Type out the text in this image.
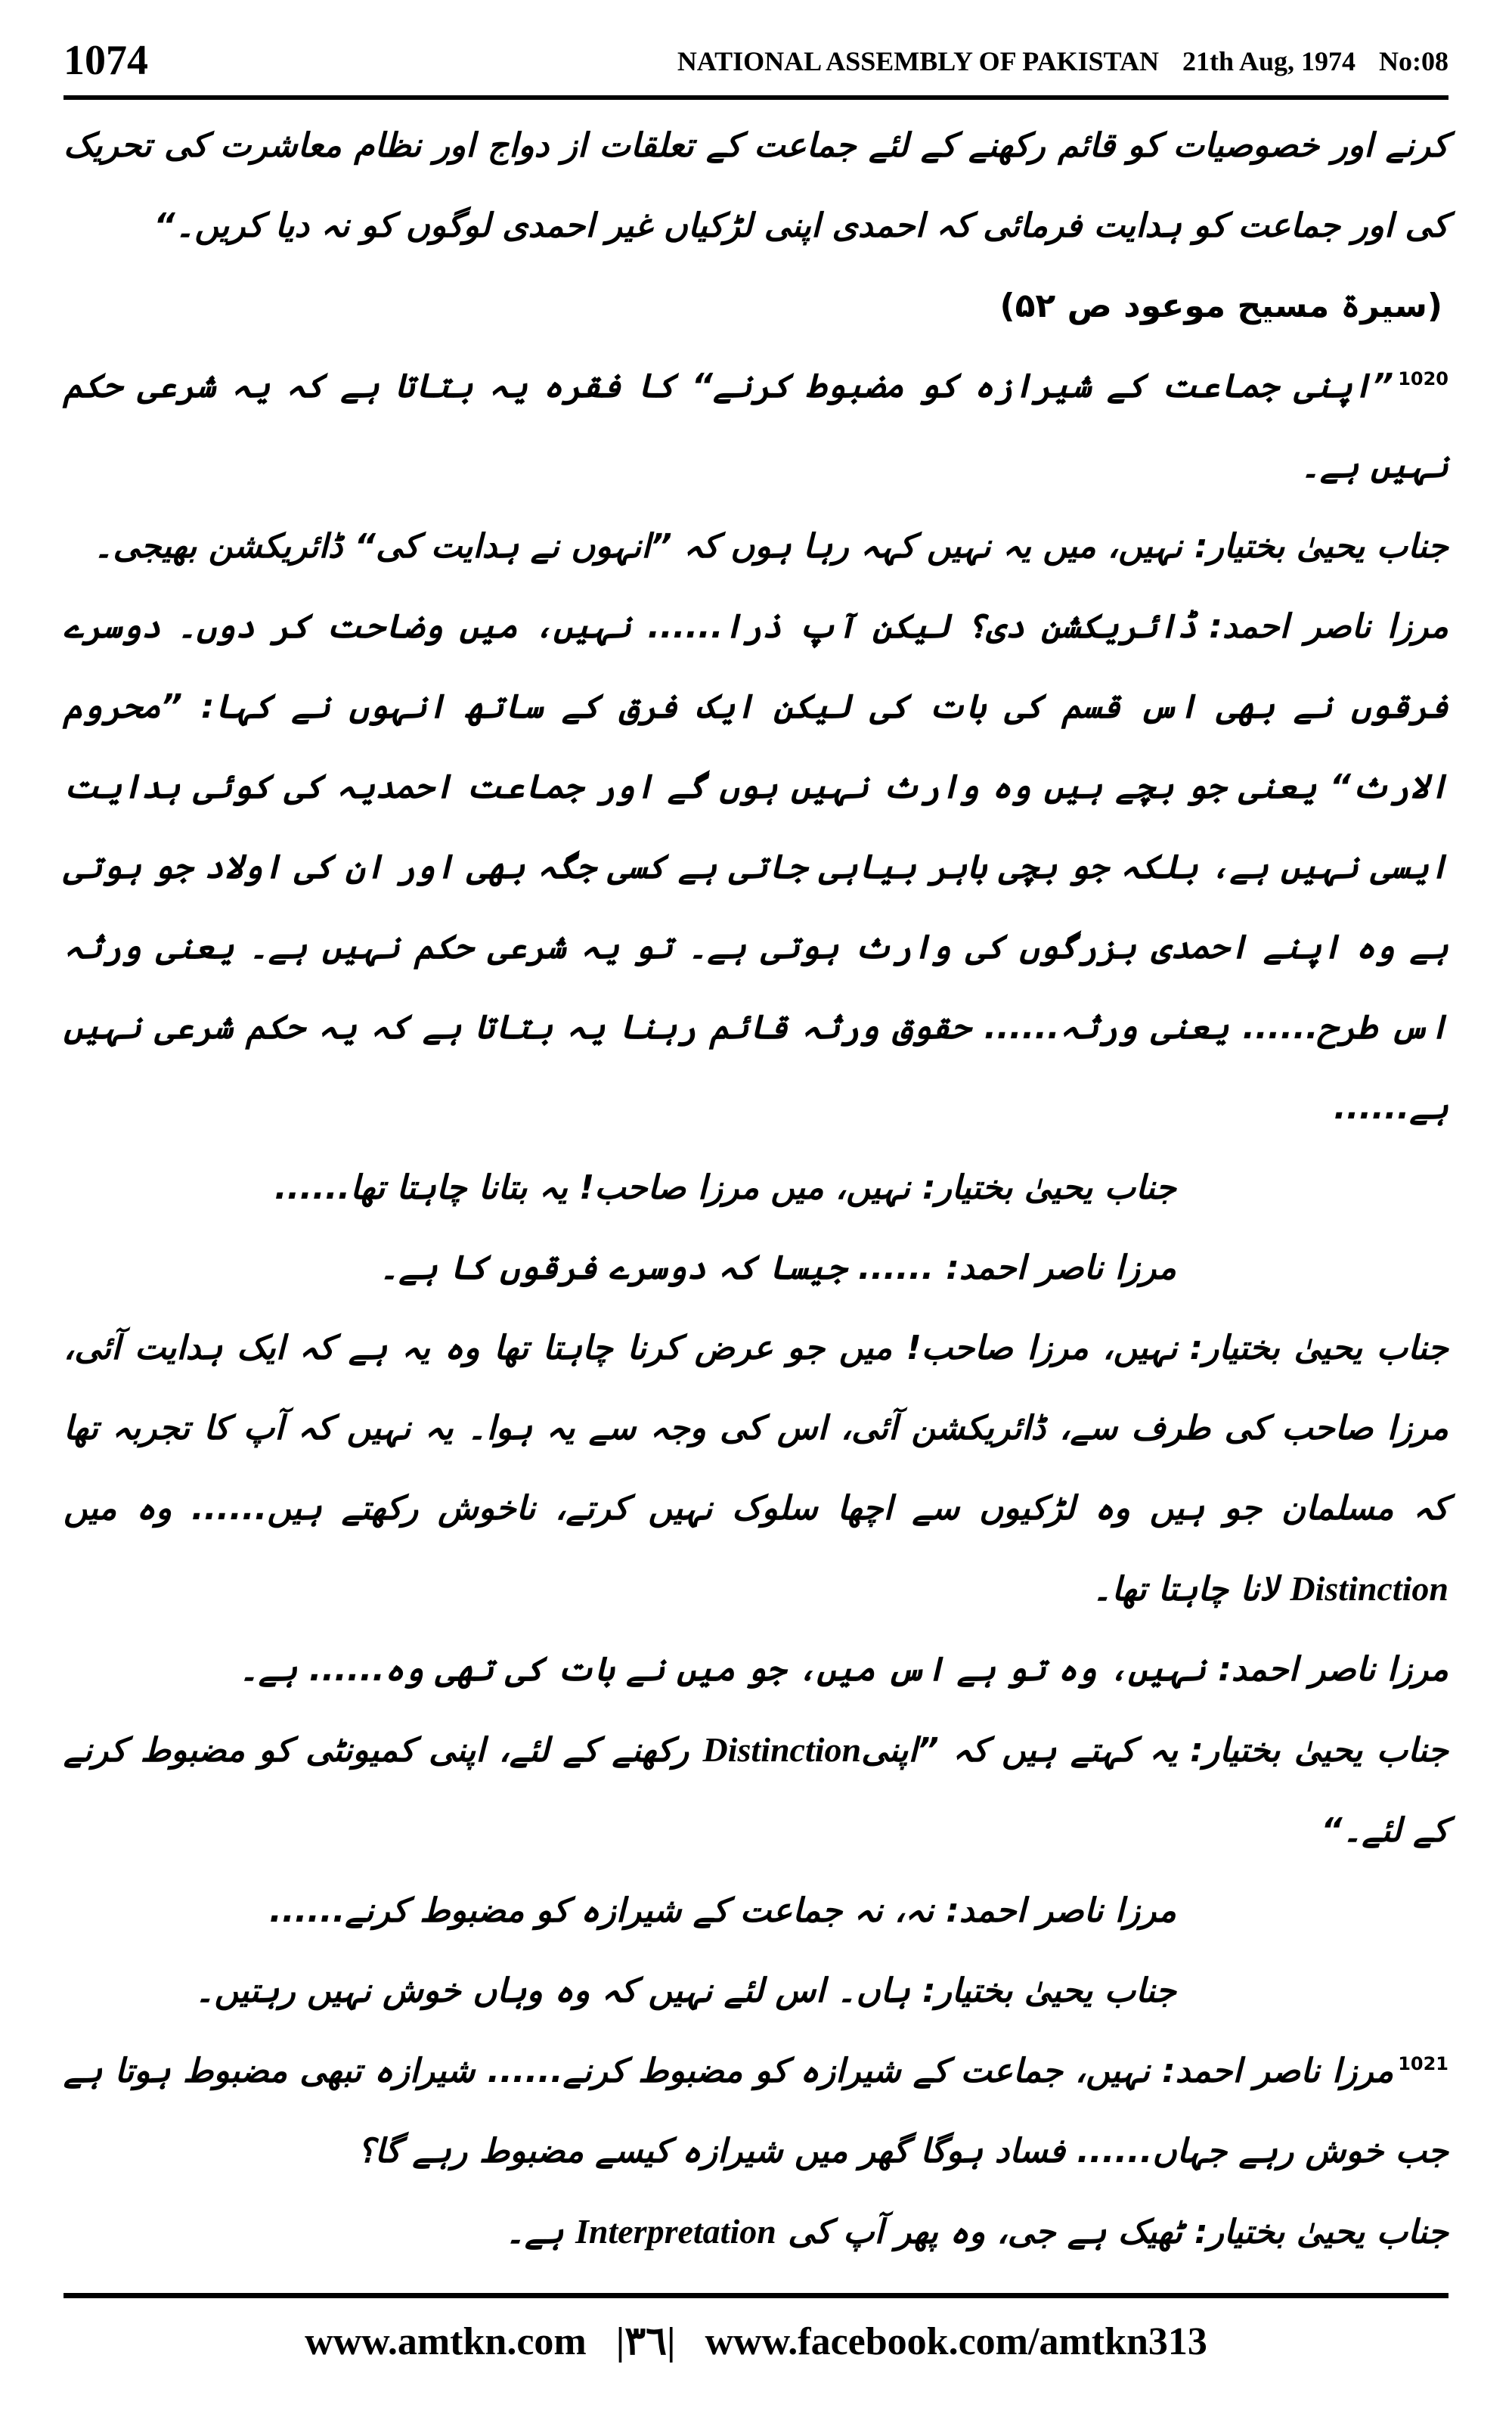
1074	NATIONAL ASSEMBLY OF PAKISTAN 21th Aug, 1974 No:08

کرنے اور خصوصیات کو قائم رکھنے کے لئے جماعت کے تعلقات از دواج اور نظام معاشرت کی تحریک کی اور جماعت کو ہدایت فرمائی کہ احمدی اپنی لڑکیاں غیر احمدی لوگوں کو نہ دیا کریں۔“

(سیرۃ مسیح موعود ص ۵۲)

$^{1020}$”اپنی جماعت کے شیرازہ کو مضبوط کرنے“ کا فقرہ یہ بتاتا ہے کہ یہ شرعی حکم نہیں ہے۔

جناب یحییٰ بختیار:نہیں، میں یہ نہیں کہہ رہا ہوں کہ ”انہوں نے ہدایت کی“ ڈائریکشن بھیجی۔

مرزا ناصر احمد:ڈائریکشن دی؟ لیکن آپ ذرا...... نہیں، میں وضاحت کر دوں۔ دوسرے فرقوں نے بھی اس قسم کی بات کی لیکن ایک فرق کے ساتھ انہوں نے کہا: ”محروم الارث“ یعنی جو بچے ہیں وہ وارث نہیں ہوں گے اور جماعت احمدیہ کی کوئی ہدایت ایسی نہیں ہے، بلکہ جو بچی باہر بیاہی جاتی ہے کسی جگہ بھی اور ان کی اولاد جو ہوتی ہے وہ اپنے احمدی بزرگوں کی وارث ہوتی ہے۔ تو یہ شرعی حکم نہیں ہے۔ یعنی ورثہ اس طرح...... یعنی ورثہ...... حقوق ورثہ قائم رہنا یہ بتاتا ہے کہ یہ حکم شرعی نہیں ہے......

جناب یحییٰ بختیار:نہیں، میں مرزا صاحب! یہ بتانا چاہتا تھا......

مرزا ناصر احمد:...... جیسا کہ دوسرے فرقوں کا ہے۔

جناب یحییٰ بختیار:نہیں، مرزا صاحب! میں جو عرض کرنا چاہتا تھا وہ یہ ہے کہ ایک ہدایت آئی، مرزا صاحب کی طرف سے، ڈائریکشن آئی، اس کی وجہ سے یہ ہوا۔ یہ نہیں کہ آپ کا تجربہ تھا کہ مسلمان جو ہیں وہ لڑکیوں سے اچھا سلوک نہیں کرتے، ناخوش رکھتے ہیں...... وہ میں Distinction لانا چاہتا تھا۔

مرزا ناصر احمد:نہیں، وہ تو ہے اس میں، جو میں نے بات کی تھی وہ...... ہے۔

جناب یحییٰ بختیار:یہ کہتے ہیں کہ ”اپنیDistinction رکھنے کے لئے، اپنی کمیونٹی کو مضبوط کرنے کے لئے۔“

مرزا ناصر احمد:نہ، نہ جماعت کے شیرازہ کو مضبوط کرنے......

جناب یحییٰ بختیار:ہاں۔ اس لئے نہیں کہ وہ وہاں خوش نہیں رہتیں۔

$^{1021}$مرزا ناصر احمد:نہیں، جماعت کے شیرازہ کو مضبوط کرنے...... شیرازہ تبھی مضبوط ہوتا ہے جب خوش رہے جہاں...... فساد ہوگا گھر میں شیرازہ کیسے مضبوط رہے گا؟

جناب یحییٰ بختیار:ٹھیک ہے جی، وہ پھر آپ کی Interpretation ہے۔

www.amtkn.com |٣٦| www.facebook.com/amtkn313
